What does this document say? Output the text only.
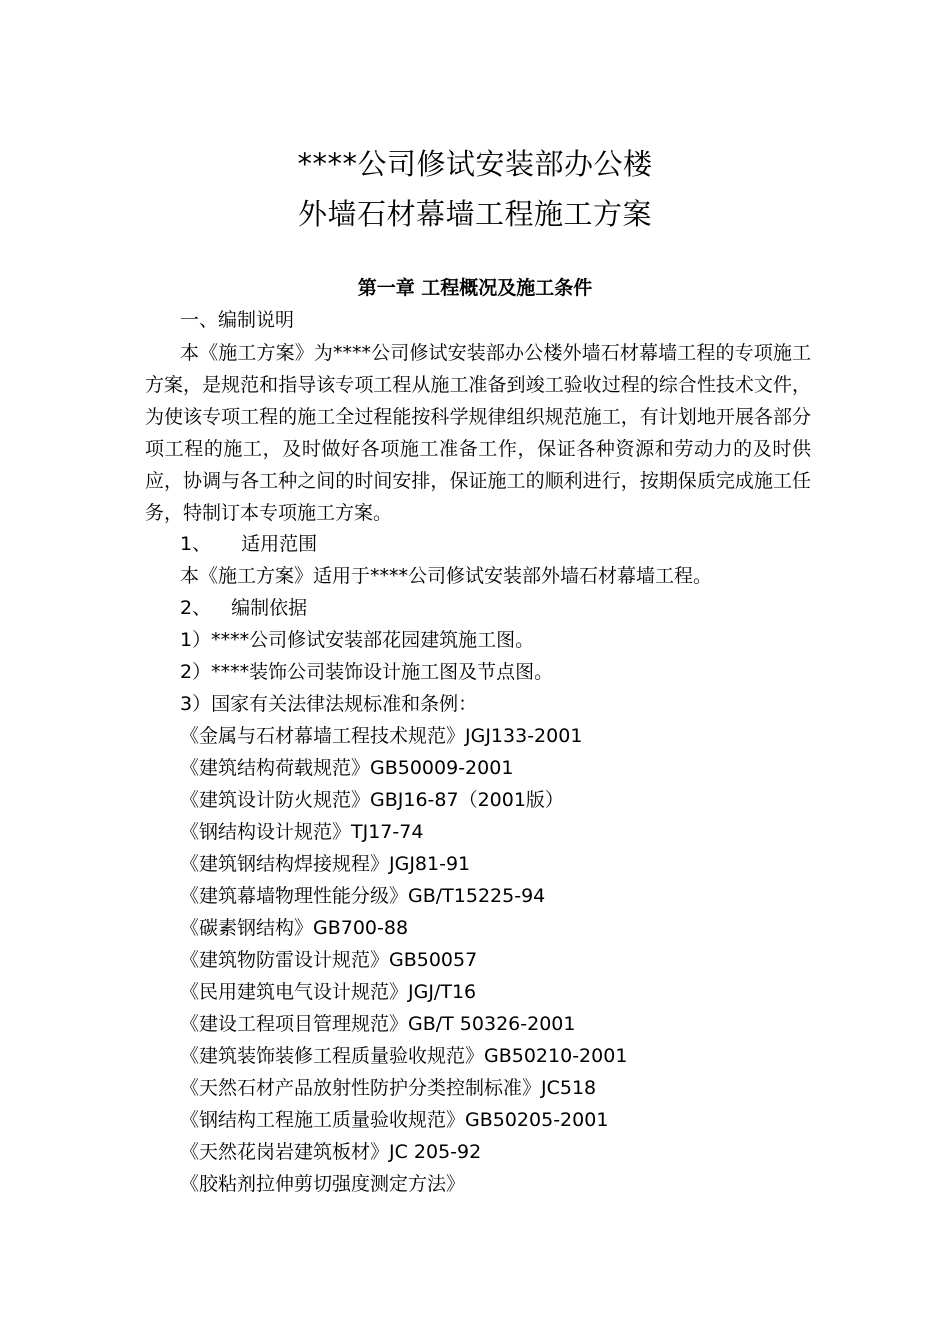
****公司修试安装部办公楼
外墙石材幕墙工程施工方案
第一章 工程概况及施工条件
一、编制说明
本《施工方案》为****公司修试安装部办公楼外墙石材幕墙工程的专项施工方案，是规范和指导该专项工程从施工准备到竣工验收过程的综合性技术文件，为使该专项工程的施工全过程能按科学规律组织规范施工，有计划地开展各部分项工程的施工，及时做好各项施工准备工作，保证各种资源和劳动力的及时供应，协调与各工种之间的时间安排，保证施工的顺利进行，按期保质完成施工任务，特制订本专项施工方案。
1、 适用范围
本《施工方案》适用于****公司修试安装部外墙石材幕墙工程。
2、 编制依据
1）****公司修试安装部花园建筑施工图。
2）****装饰公司装饰设计施工图及节点图。
3）国家有关法律法规标准和条例：
《金属与石材幕墙工程技术规范》JGJ133-2001
《建筑结构荷载规范》GB50009-2001
《建筑设计防火规范》GBJ16-87（2001版）
《钢结构设计规范》TJ17-74
《建筑钢结构焊接规程》JGJ81-91
《建筑幕墙物理性能分级》GB/T15225-94
《碳素钢结构》GB700-88
《建筑物防雷设计规范》GB50057
《民用建筑电气设计规范》JGJ/T16
《建设工程项目管理规范》GB/T 50326-2001
《建筑装饰装修工程质量验收规范》GB50210-2001
《天然石材产品放射性防护分类控制标准》JC518
《钢结构工程施工质量验收规范》GB50205-2001
《天然花岗岩建筑板材》JC 205-92
《胶粘剂拉伸剪切强度测定方法》
